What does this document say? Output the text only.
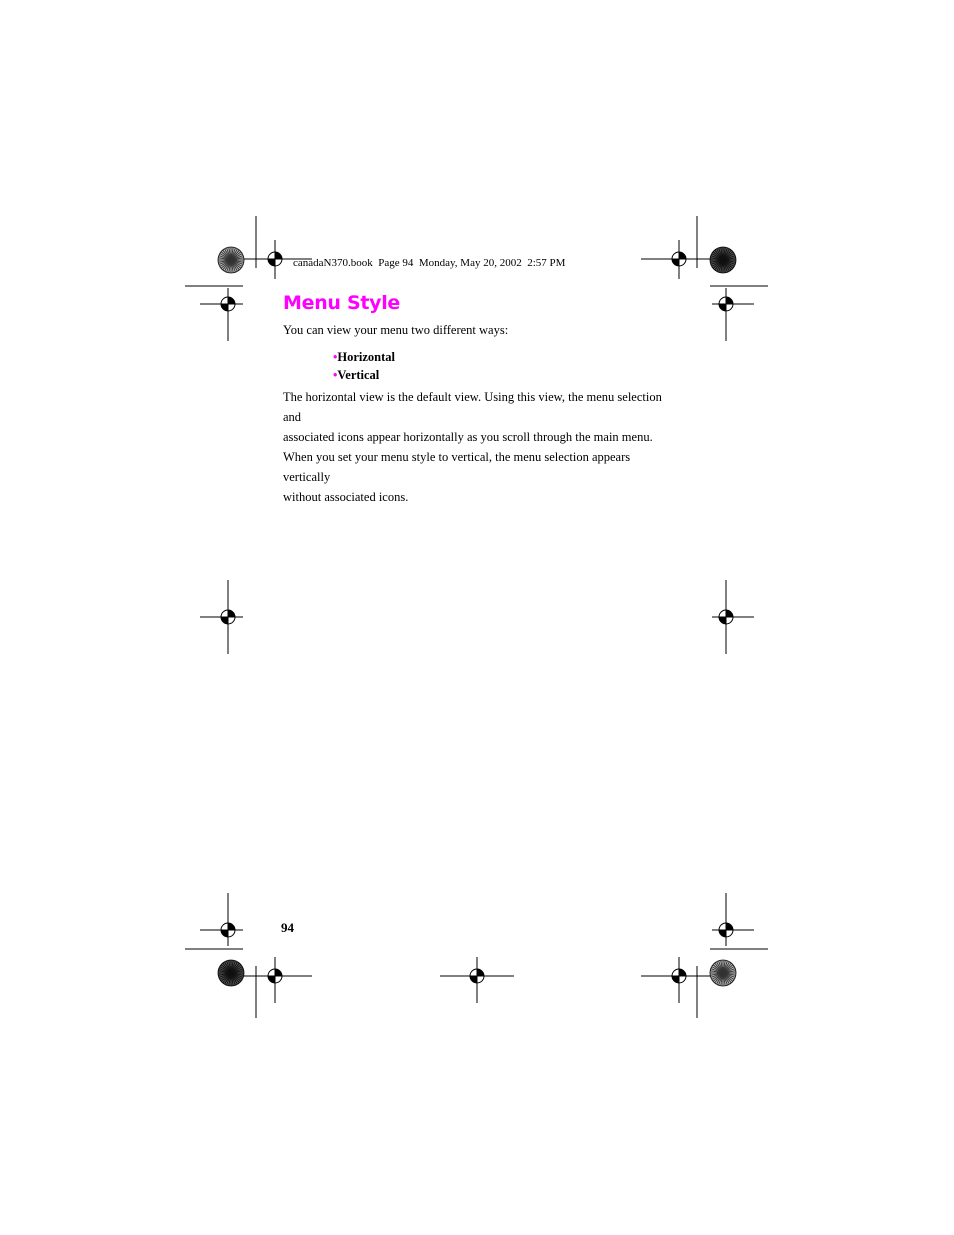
canadaN370.book  Page 94  Monday, May 20, 2002  2:57 PM
Menu Style

You can view your menu two different ways:

•Horizontal
•Vertical
The horizontal view is the default view. Using this view, the menu selection and
associated icons appear horizontally as you scroll through the main menu.
When you set your menu style to vertical, the menu selection appears vertically
without associated icons.
94
